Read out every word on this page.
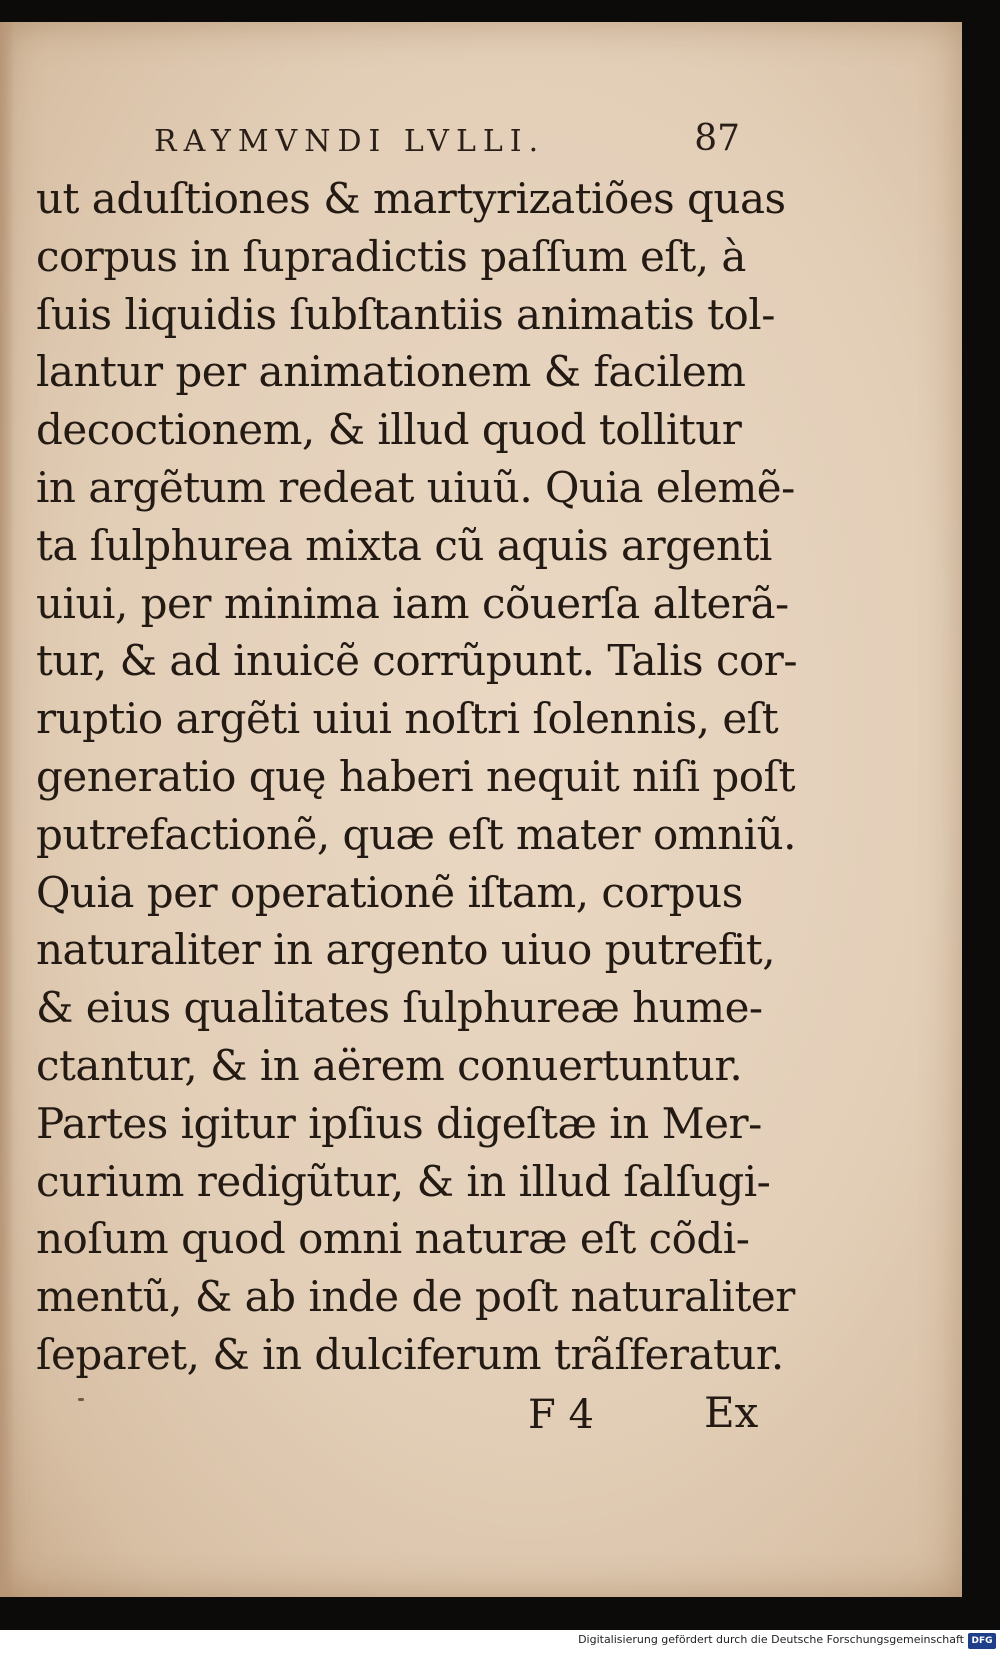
RAYMVNDI LVLLI.	87
ut aduſtiones & martyrizatiões quas
corpus in ſupradictis paſſum eſt, à
ſuis liquidis ſubſtantiis animatis tol-
lantur per animationem & facilem
decoctionem, & illud quod tollitur
in argẽtum redeat uiuũ. Quia elemẽ-
ta ſulphurea mixta cũ aquis argenti
uiui, per minima iam cõuerſa alterã-
tur, & ad inuicẽ corrũpunt. Talis cor-
ruptio argẽti uiui noſtri ſolennis, eſt
generatio quę haberi nequit niſi poſt
putrefactionẽ, quæ eſt mater omniũ.
Quia per operationẽ iſtam, corpus
naturaliter in argento uiuo putrefit,
& eius qualitates ſulphureæ hume-
ctantur, & in aërem conuertuntur.
Partes igitur ipſius digeſtæ in Mer-
curium redigũtur, & in illud ſalſugi-
noſum quod omni naturæ eſt cõdi-
mentũ, & ab inde de poſt naturaliter
ſeparet, & in dulciferum trãſferatur.
F 4	Ex
Digitalisierung gefördert durch die Deutsche Forschungsgemeinschaft DFG
